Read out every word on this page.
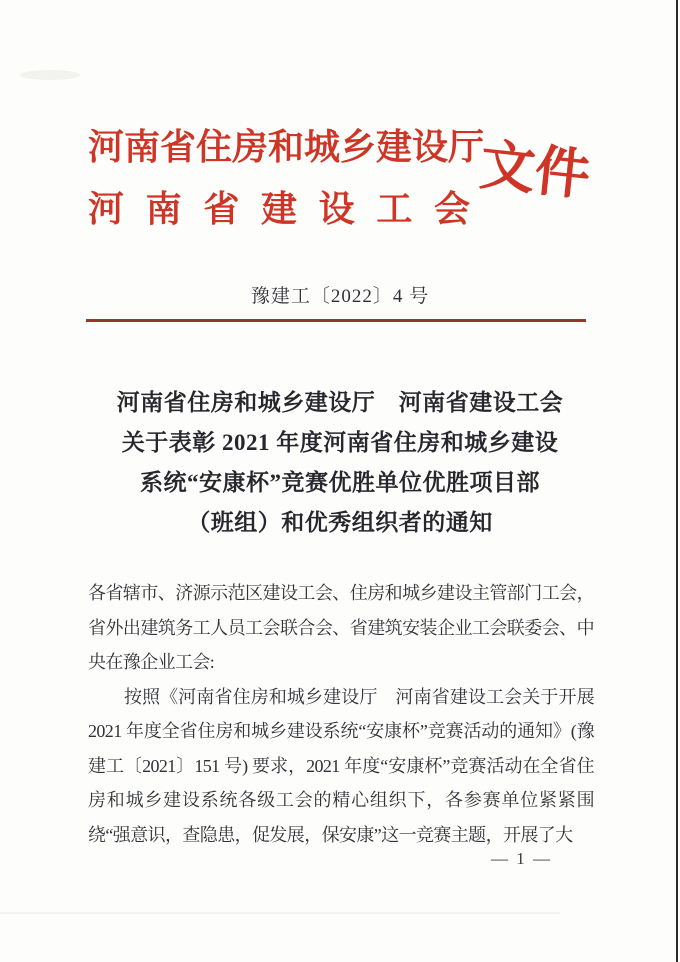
河南省住房和城乡建设厅
河南省建设工会
文件
豫建工〔2022〕4 号
河南省住房和城乡建设厅　河南省建设工会
关于表彰 2021 年度河南省住房和城乡建设
系统“安康杯”竞赛优胜单位优胜项目部
（班组）和优秀组织者的通知

各省辖市、济源示范区建设工会、住房和城乡建设主管部门工会，省外出建筑务工人员工会联合会、省建筑安装企业工会联委会、中央在豫企业工会:

按照《河南省住房和城乡建设厅　河南省建设工会关于开展 2021 年度全省住房和城乡建设系统“安康杯”竞赛活动的通知》(豫建工〔2021〕151 号) 要求，2021 年度“安康杯”竞赛活动在全省住房和城乡建设系统各级工会的精心组织下，各参赛单位紧紧围绕“强意识，查隐患，促发展，保安康”这一竞赛主题，开展了大

— 1 —
